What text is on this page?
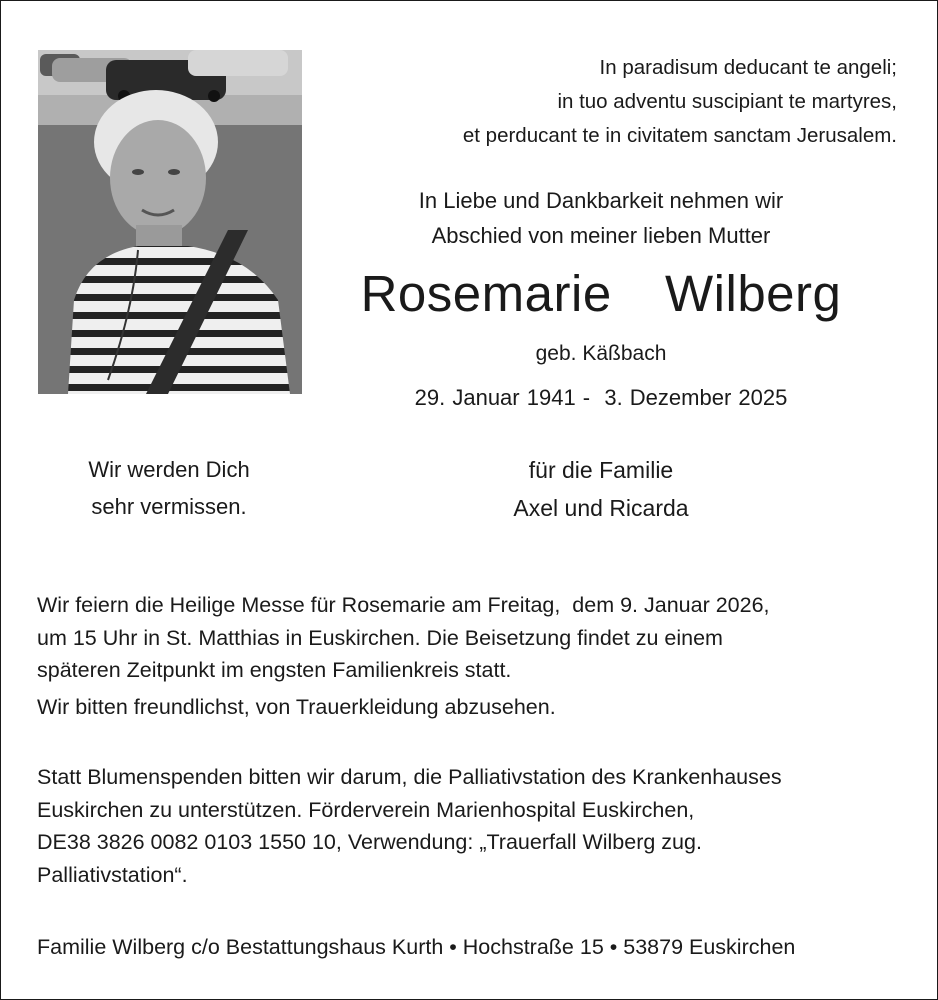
In paradisum deducant te angeli;
in tuo adventu suscipiant te martyres,
et perducant te in civitatem sanctam Jerusalem.
In Liebe und Dankbarkeit nehmen wir
Abschied von meiner lieben Mutter
Rosemarie  Wilberg
geb. Käßbach
29. Januar 1941 -  3. Dezember 2025
Wir werden Dich
sehr vermissen.
für die Familie
Axel und Ricarda
Wir feiern die Heilige Messe für Rosemarie am Freitag,  dem 9. Januar 2026,
um 15 Uhr in St. Matthias in Euskirchen. Die Beisetzung findet zu einem
späteren Zeitpunkt im engsten Familienkreis statt.
Wir bitten freundlichst, von Trauerkleidung abzusehen.
Statt Blumenspenden bitten wir darum, die Palliativstation des Krankenhauses
Euskirchen zu unterstützen. Förderverein Marienhospital Euskirchen,
DE38 3826 0082 0103 1550 10, Verwendung: „Trauerfall Wilberg zug.
Palliativstation“.
Familie Wilberg c/o Bestattungshaus Kurth • Hochstraße 15 • 53879 Euskirchen
